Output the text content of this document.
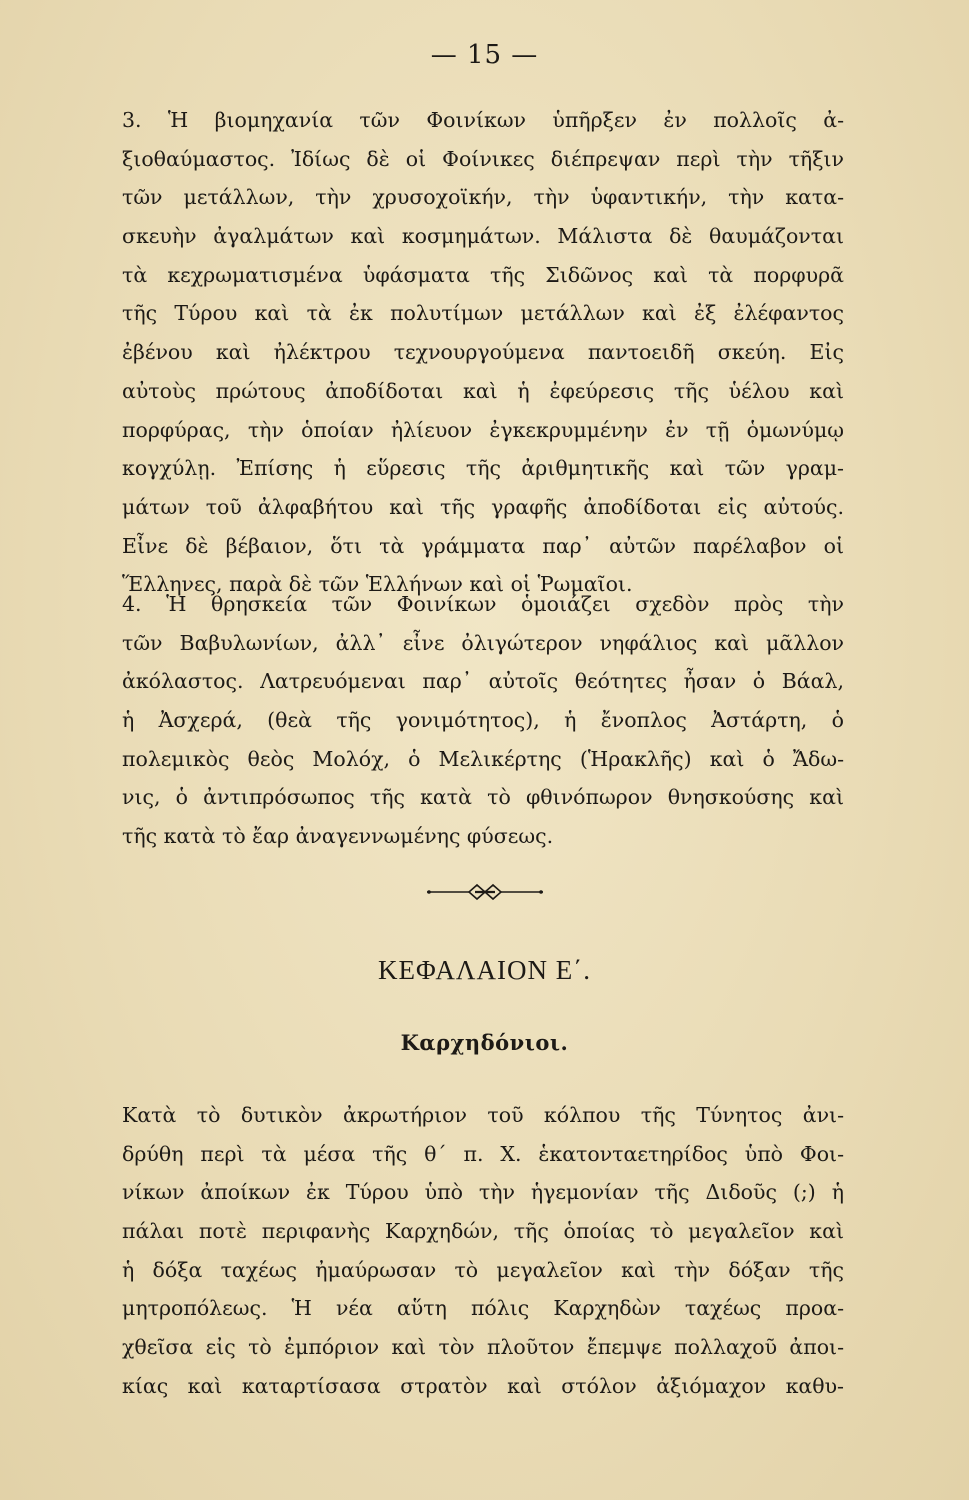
— 15 —
3. Ἡ βιομηχανία τῶν Φοινίκων ὑπῆρξεν ἐν πολλοῖς ἀ-
ξιοθαύμαστος. Ἰδίως δὲ οἱ Φοίνικες διέπρεψαν περὶ τὴν τῆξιν
τῶν μετάλλων, τὴν χρυσοχοϊκήν, τὴν ὑφαντικήν, τὴν κατα-
σκευὴν ἀγαλμάτων καὶ κοσμημάτων. Μάλιστα δὲ θαυμάζονται
τὰ κεχρωματισμένα ὑφάσματα τῆς Σιδῶνος καὶ τὰ πορφυρᾶ
τῆς Τύρου καὶ τὰ ἐκ πολυτίμων μετάλλων καὶ ἐξ ἐλέφαντος
ἐβένου καὶ ἠλέκτρου τεχνουργούμενα παντοειδῆ σκεύη. Εἰς
αὐτοὺς πρώτους ἀποδίδοται καὶ ἡ ἐφεύρεσις τῆς ὑέλου καὶ
πορφύρας, τὴν ὁποίαν ἠλίευον ἐγκεκρυμμένην ἐν τῇ ὁμωνύμῳ
κογχύλῃ. Ἐπίσης ἡ εὕρεσις τῆς ἀριθμητικῆς καὶ τῶν γραμ-
μάτων τοῦ ἀλφαβήτου καὶ τῆς γραφῆς ἀποδίδοται εἰς αὐτούς.
Εἶνε δὲ βέβαιον, ὅτι τὰ γράμματα παρ᾽ αὐτῶν παρέλαβον οἱ
Ἕλληνες, παρὰ δὲ τῶν Ἑλλήνων καὶ οἱ Ῥωμαῖοι.
4. Ἡ θρησκεία τῶν Φοινίκων ὁμοιάζει σχεδὸν πρὸς τὴν
τῶν Βαβυλωνίων, ἀλλ᾽ εἶνε ὀλιγώτερον νηφάλιος καὶ μᾶλλον
ἀκόλαστος. Λατρευόμεναι παρ᾽ αὐτοῖς θεότητες ἦσαν ὁ Βάαλ,
ἡ Ἀσχερά, (θεὰ τῆς γονιμότητος), ἡ ἔνοπλος Ἀστάρτη, ὁ
πολεμικὸς θεὸς Μολόχ, ὁ Μελικέρτης (Ἡρακλῆς) καὶ ὁ Ἄδω-
νις, ὁ ἀντιπρόσωπος τῆς κατὰ τὸ φθινόπωρον θνησκούσης καὶ
τῆς κατὰ τὸ ἔαρ ἀναγεννωμένης φύσεως.
ΚΕΦΑΛΑΙΟΝ Ε΄.
Καρχηδόνιοι.
Κατὰ τὸ δυτικὸν ἀκρωτήριον τοῦ κόλπου τῆς Τύνητος ἀνι-
δρύθη περὶ τὰ μέσα τῆς θ΄ π. Χ. ἑκατονταετηρίδος ὑπὸ Φοι-
νίκων ἀποίκων ἐκ Τύρου ὑπὸ τὴν ἡγεμονίαν τῆς Διδοῦς (;) ἡ
πάλαι ποτὲ περιφανὴς Καρχηδών, τῆς ὁποίας τὸ μεγαλεῖον καὶ
ἡ δόξα ταχέως ἠμαύρωσαν τὸ μεγαλεῖον καὶ τὴν δόξαν τῆς
μητροπόλεως. Ἡ νέα αὕτη πόλις Καρχηδὼν ταχέως προα-
χθεῖσα εἰς τὸ ἐμπόριον καὶ τὸν πλοῦτον ἔπεμψε πολλαχοῦ ἀποι-
κίας καὶ καταρτίσασα στρατὸν καὶ στόλον ἀξιόμαχον καθυ-
